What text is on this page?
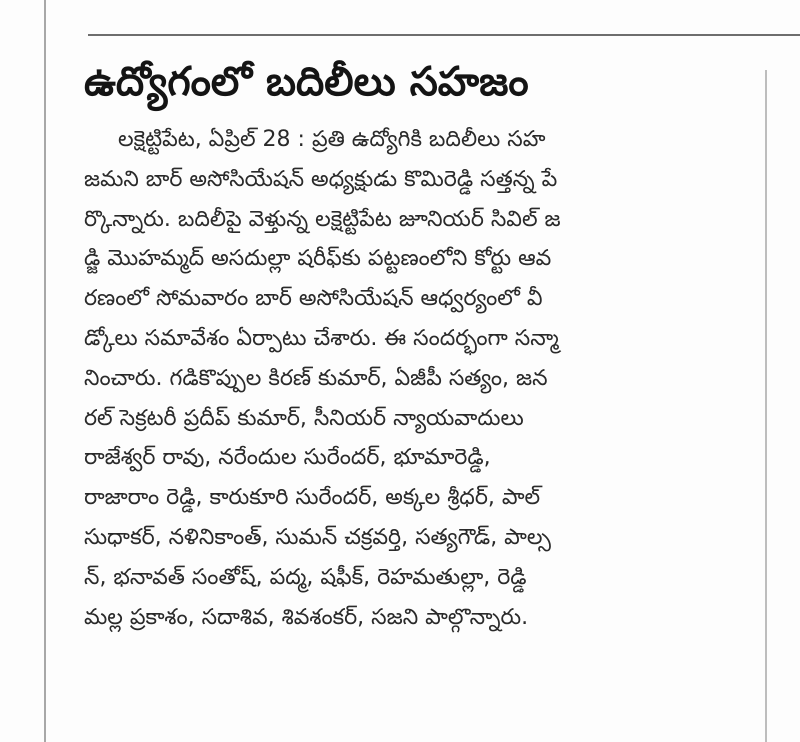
ఉద్యోగంలో బదిలీలు సహజం
లక్షెట్టిపేట, ఏప్రిల్ 28 : ప్రతి ఉద్యోగికి బదిలీలు సహ
జమని బార్ అసోసియేషన్ అధ్యక్షుడు కొమిరెడ్డి సత్తన్న పే
ర్కొన్నారు. బదిలీపై వెళ్తున్న లక్షెట్టిపేట జూనియర్ సివిల్ జ
డ్జి మొహమ్మద్ అసదుల్లా షరీఫ్‌కు పట్టణంలోని కోర్టు ఆవ
రణంలో సోమవారం బార్ అసోసియేషన్ ఆధ్వర్యంలో వీ
డ్కోలు సమావేశం ఏర్పాటు చేశారు. ఈ సందర్భంగా సన్మా
నించారు. గడికొప్పుల కిరణ్ కుమార్, ఏజీపీ సత్యం, జన
రల్ సెక్రటరీ ప్రదీప్ కుమార్, సీనియర్ న్యాయవాదులు
రాజేశ్వర్ రావు, నరేందుల సురేందర్, భూమారెడ్డి,
రాజారాం రెడ్డి, కారుకూరి సురేందర్, అక్కల శ్రీధర్, పాల్
సుధాకర్, నళినికాంత్, సుమన్ చక్రవర్తి, సత్యగౌడ్, పాల్స
న్, భనావత్ సంతోష్, పద్మ, షఫీక్, రెహమతుల్లా, రెడ్డి
మల్ల ప్రకాశం, సదాశివ, శివశంకర్, సజని పాల్గొన్నారు.
